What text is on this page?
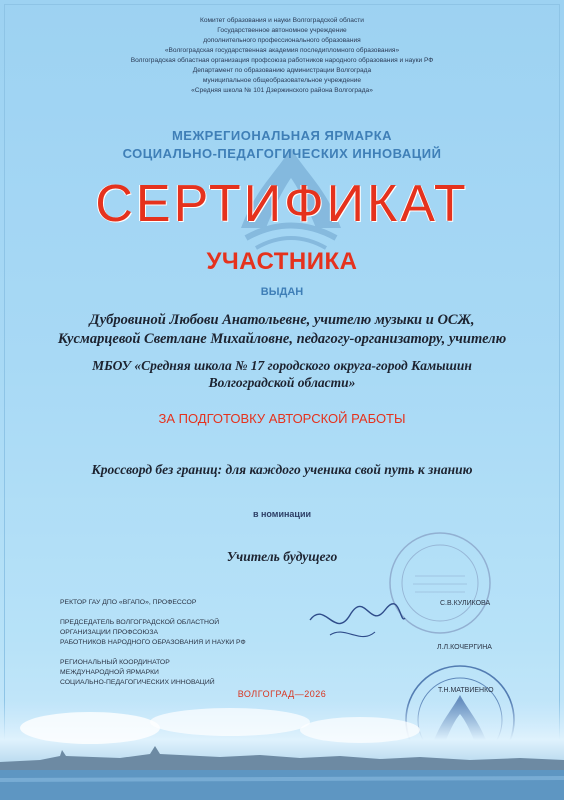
Комитет образования и науки Волгоградской области
Государственное автономное учреждение
дополнительного профессионального образования
«Волгоградская государственная академия последипломного образования»
Волгоградская областная организация профсоюза работников народного образования и науки РФ
Департамент по образованию администрации Волгограда
муниципальное общеобразовательное учреждение
«Средняя школа № 101 Дзержинского района Волгограда»
МЕЖРЕГИОНАЛЬНАЯ ЯРМАРКА
СОЦИАЛЬНО-ПЕДАГОГИЧЕСКИХ ИННОВАЦИЙ
СЕРТИФИКАТ
УЧАСТНИКА
ВЫДАН
Дубровиной Любови Анатольевне, учителю музыки и ОСЖ,
Кусмарцевой Светлане Михайловне, педагогу-организатору, учителю
МБОУ «Средняя школа № 17 городского округа-город Камышин
Волгоградской области»
ЗА ПОДГОТОВКУ АВТОРСКОЙ РАБОТЫ
Кроссворд без границ: для каждого ученика свой путь к знанию
в номинации
Учитель будущего
РЕКТОР ГАУ ДПО «ВГАПО», ПРОФЕССОР	С.В.КУЛИКОВА
ПРЕДСЕДАТЕЛЬ ВОЛГОГРАДСКОЙ ОБЛАСТНОЙ
ОРГАНИЗАЦИИ ПРОФСОЮЗА
РАБОТНИКОВ НАРОДНОГО ОБРАЗОВАНИЯ И НАУКИ РФ
Л.Л.КОЧЕРГИНА
РЕГИОНАЛЬНЫЙ КООРДИНАТОР
МЕЖДУНАРОДНОЙ ЯРМАРКИ
СОЦИАЛЬНО-ПЕДАГОГИЧЕСКИХ ИННОВАЦИЙ
Т.Н.МАТВИЕНКО
ВОЛГОГРАД—2026
